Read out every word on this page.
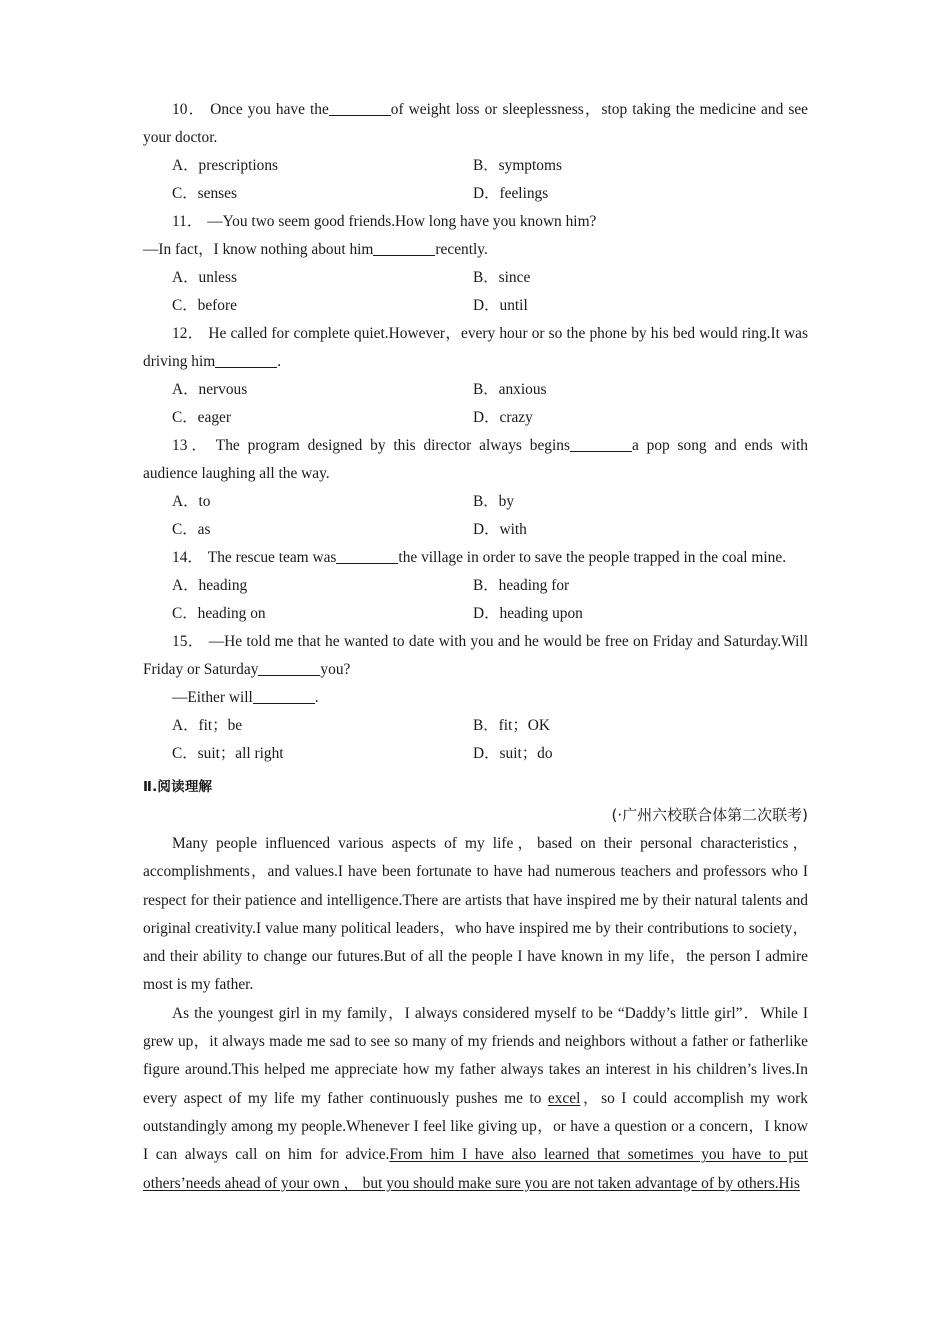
10． Once you have the	of weight loss or sleeplessness，stop taking the medicine and see your doctor.

A．prescriptions	B．symptoms
C．senses	D．feelings

11． —You two seem good friends.How long have you known him?

—In fact，I know nothing about him	recently.

A．unless	B．since
C．before	D．until

12． He called for complete quiet.However，every hour or so the phone by his bed would ring.It was driving him	.

A．nervous	B．anxious
C．eager	D．crazy

13． The program designed by this director always begins	a pop song and ends with audience laughing all the way.

A．to	B．by
C．as	D．with

14． The rescue team was	the village in order to save the people trapped in the coal mine.

A．heading	B．heading for
C．heading on	D．heading upon

15． —He told me that he wanted to date with you and he would be free on Friday and Saturday.Will Friday or Saturday	you?

—Either will	.

A．fit；be	B．fit；OK
C．suit；all right	D．suit；do
Ⅱ.阅读理解
(·广州六校联合体第二次联考)

Many people influenced various aspects of my life，based on their personal characteristics，accomplishments，and values.I have been fortunate to have had numerous teachers and professors who I respect for their patience and intelligence.There are artists that have inspired me by their natural talents and original creativity.I value many political leaders，who have inspired me by their contributions to society，and their ability to change our futures.But of all the people I have known in my life，the person I admire most is my father.

As the youngest girl in my family，I always considered myself to be “Daddy’s little girl”．While I grew up，it always made me sad to see so many of my friends and neighbors without a father or fatherlike figure around.This helped me appreciate how my father always takes an interest in his children’s lives.In every aspect of my life my father continuously pushes me to excel，so I could accomplish my work outstandingly among my people.Whenever I feel like giving up，or have a question or a concern，I know I can always call on him for advice.From him I have also learned that sometimes you have to put others’needs ahead of your own ， but you should make sure you are not taken advantage of by others.His
